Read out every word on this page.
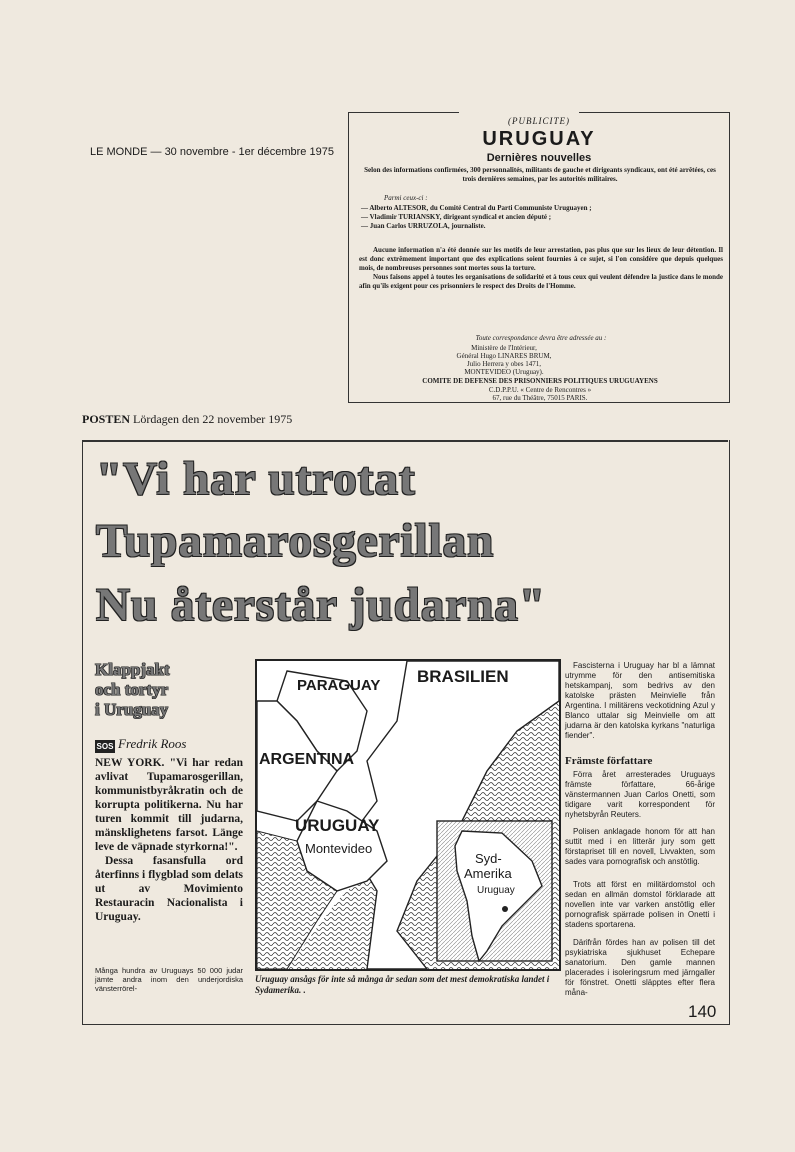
LE MONDE — 30 novembre - 1er décembre 1975
(PUBLICITE)
URUGUAY
Dernières nouvelles
Selon des informations confirmées, 300 personnalités, militants de gauche et dirigeants syndicaux, ont été arrêtées, ces trois dernières semaines, par les autorités militaires.
Parmi ceux-ci :
— Alberto ALTESOR, du Comité Central du Parti Communiste Uruguayen ;
— Vladimir TURIANSKY, dirigeant syndical et ancien député ;
— Juan Carlos URRUZOLA, journaliste.
Aucune information n'a été donnée sur les motifs de leur arrestation, pas plus que sur les lieux de leur détention. Il est donc extrêmement important que des explications soient fournies à ce sujet, si l'on considère que depuis quelques mois, de nombreuses personnes sont mortes sous la torture.
Nous faisons appel à toutes les organisations de solidarité et à tous ceux qui veulent défendre la justice dans le monde afin qu'ils exigent pour ces prisonniers le respect des Droits de l'Homme.
Toute correspondance devra être adressée au :
Ministère de l'Intérieur,
Général Hugo LINARES BRUM,
Julio Herrera y obes 1471,
MONTEVIDEO (Uruguay).
COMITE DE DEFENSE DES PRISONNIERS POLITIQUES URUGUAYENS
C.D.P.P.U. « Centre de Rencontres »
67, rue du Théâtre, 75015 PARIS.
POSTEN Lördagen den 22 november 1975
"Vi har utrotat
Tupamarosgerillan
Nu återstår judarna"
Klappjakt
och tortyr
i Uruguay
SOS Fredrik Roos
NEW YORK. "Vi har redan avlivat Tupamarosgerillan, kommunistbyråkratin och de korrupta politikerna. Nu har turen kommit till judarna, mänsklighetens farsot. Länge leve de väpnade styrkorna!".
Dessa fasansfulla ord återfinns i flygblad som delats ut av Movimiento Restauracin Nacionalista i Uruguay.
Många hundra av Uruguays 50 000 judar jämte andra inom den underjordiska vänsterrörel-
PARAGUAY BRASILIEN
ARGENTINA
URUGUAY
Montevideo
Syd-
Amerika
Uruguay
Uruguay ansågs för inte så många år sedan som det mest demokratiska landet i Sydamerika. .
Fascisterna i Uruguay har bl a lämnat utrymme för den antisemitiska hetskampanj, som bedrivs av den katolske prästen Meinvielle från Argentina. I militärens veckotidning Azul y Blanco uttalar sig Meinvielle om att judarna är den katolska kyrkans "naturliga fiender".
Främste författare
Förra året arresterades Uruguays främste författare, 66-årige vänstermannen Juan Carlos Onetti, som tidigare varit korrespondent för nyhetsbyrån Reuters.
Polisen anklagade honom för att han suttit med i en litterär jury som gett förstapriset till en novell, Livvakten, som sades vara pornografisk och anstötlig.
Trots att först en militärdomstol och sedan en allmän domstol förklarade att novellen inte var varken anstötlig eller pornografisk spärrade polisen in Onetti i stadens sportarena.
Därifrån fördes han av polisen till det psykiatriska sjukhuset Echepare sanatorium. Den gamle mannen placerades i isoleringsrum med järngaller för fönstret. Onetti släpptes efter flera måna-
140
